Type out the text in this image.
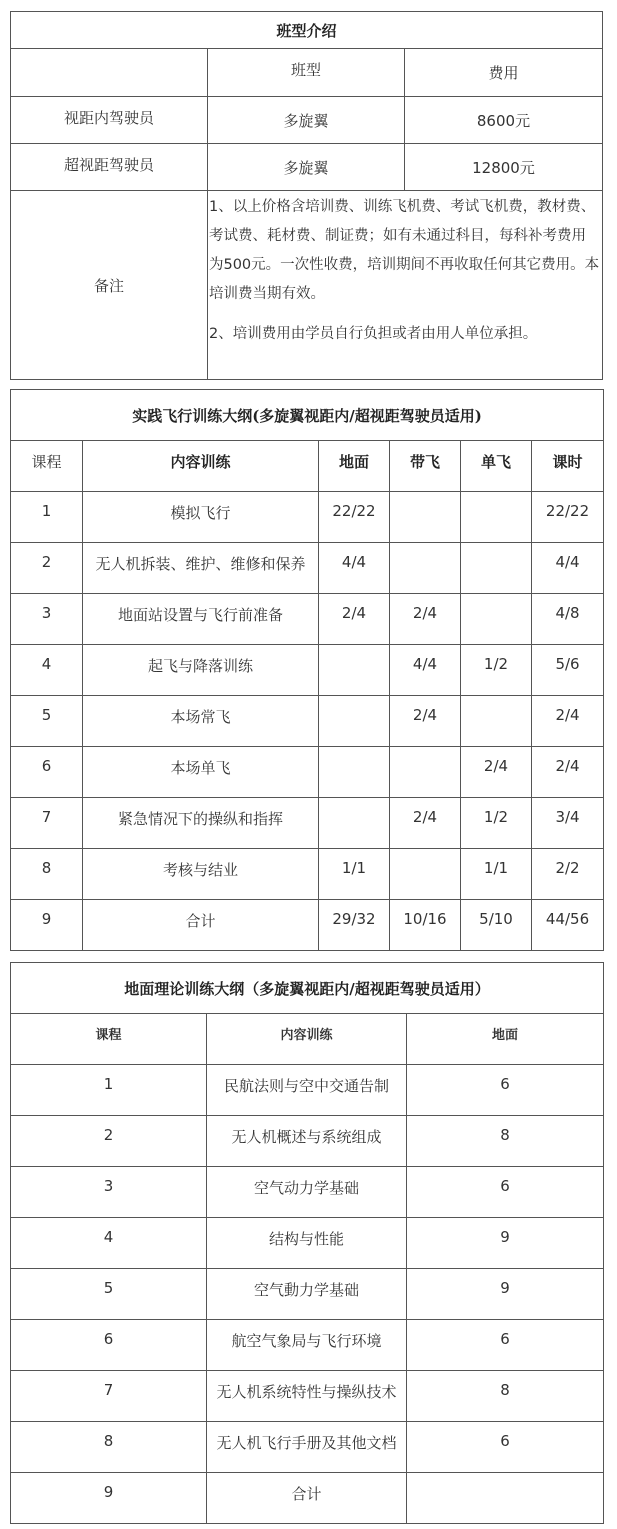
班型介绍		
	班型	费用
视距内驾驶员	多旋翼	8600元
超视距驾驶员	多旋翼	12800元
备注	1、以上价格含培训费、训练飞机费、考试飞机费，教材费、考试费、耗材费、制证费；如有未通过科目，每科补考费用为500元。一次性收费，培训期间不再收取任何其它费用。本培训费当期有效。

2、培训费用由学员自行负担或者由用人单位承担。	

实践飞行训练大纲(多旋翼视距内/超视距驾驶员适用)					
课程	内容训练	地面	带飞	单飞	课时
1	模拟飞行	22/22			22/22
2	无人机拆装、维护、维修和保养	4/4			4/4
3	地面站设置与飞行前准备	2/4	2/4		4/8
4	起飞与降落训练		4/4	1/2	5/6
5	本场常飞		2/4		2/4
6	本场单飞			2/4	2/4
7	紧急情况下的操纵和指挥		2/4	1/2	3/4
8	考核与结业	1/1		1/1	2/2
9	合计	29/32	10/16	5/10	44/56
地面理论训练大纲（多旋翼视距内/超视距驾驶员适用）		
课程	内容训练	地面
1	民航法则与空中交通告制	6
2	无人机概述与系统组成	8
3	空气动力学基础	6
4	结构与性能	9
5	空气動力学基础	9
6	航空气象局与飞行环境	6
7	无人机系统特性与操纵技术	8
8	无人机飞行手册及其他文档	6
9	合计	
